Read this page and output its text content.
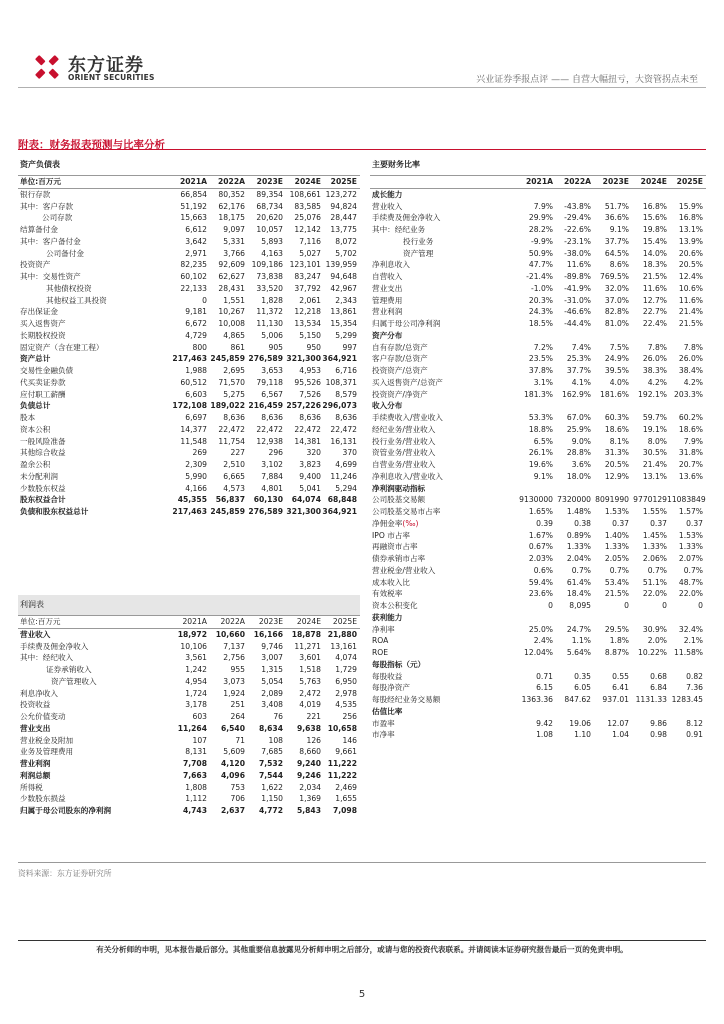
东方证券
ORIENT SECURITIES	兴业证券季报点评 —— 自营大幅扭亏，大资管拐点未至
附表：财务报表预测与比率分析
资产负债表
单位:百万元	2021A	2022A	2023E	2024E	2025E
银行存款	66,854	80,352	89,354 108,661 123,272
其中：客户存款	51,192	62,176	68,734	83,585	94,824
公司存款	15,663	18,175	20,620	25,076	28,447
结算备付金	6,612	9,097	10,057	12,142	13,775
其中：客户备付金	3,642	5,331	5,893	7,116	8,072
公司备付金	2,971	3,766	4,163	5,027	5,702
投资资产	82,235	92,609 109,186 123,101 139,959
其中：交易性资产	60,102	62,627	73,838	83,247	94,648
其他债权投资	22,133	28,431	33,520	37,792	42,967
其他权益工具投资	0	1,551	1,828	2,061	2,343
存出保证金	9,181	10,267	11,372	12,218	13,861
买入返售资产	6,672	10,008	11,130	13,534	15,354
长期股权投资	4,729	4,865	5,006	5,150	5,299
固定资产（含在建工程）	800	861	905	950	997
资产总计	217,463 245,859 276,589 321,300 364,921
交易性金融负债	1,988	2,695	3,653	4,953	6,716
代买卖证券款	60,512	71,570	79,118	95,526 108,371
应付职工薪酬	6,603	5,275	6,567	7,526	8,579
负债总计	172,108 189,022 216,459 257,226 296,073
股本	6,697	8,636	8,636	8,636	8,636
资本公积	14,377	22,472	22,472	22,472	22,472
一般风险准备	11,548	11,754	12,938	14,381	16,131
其他综合收益	269	227	296	320	370
盈余公积	2,309	2,510	3,102	3,823	4,699
未分配利润	5,990	6,665	7,884	9,400	11,246
少数股东权益	4,166	4,573	4,801	5,041	5,294
股东权益合计	45,355	56,837	60,130	64,074 68,848
负债和股东权益总计	217,463 245,859 276,589 321,300 364,921
利润表
单位:百万元	2021A	2022A	2023E	2024E	2025E
营业收入	18,972	10,660	16,166	18,878 21,880
手续费及佣金净收入	10,106	7,137	9,746	11,271	13,161
其中：经纪收入	3,561	2,756	3,007	3,601	4,074
证券承销收入	1,242	955	1,315	1,518	1,729
资产管理收入	4,954	3,073	5,054	5,763	6,950
利息净收入	1,724	1,924	2,089	2,472	2,978
投资收益	3,178	251	3,408	4,019	4,535
公允价值变动	603	264	76	221	256
营业支出	11,264	6,540	8,634	9,638 10,658
营业税金及附加	107	71	108	126	146
业务及管理费用	8,131	5,609	7,685	8,660	9,661
营业利润	7,708	4,120	7,532	9,240 11,222
利润总额	7,663	4,096	7,544	9,246 11,222
所得税	1,808	753	1,622	2,034	2,469
少数股东损益	1,112	706	1,150	1,369	1,655
归属于母公司股东的净利润	4,743	2,637	4,772	5,843	7,098
主要财务比率
2021A	2022A	2023E	2024E	2025E
成长能力
营业收入	7.9%	-43.8%	51.7%	16.8%	15.9%
手续费及佣金净收入	29.9%	-29.4%	36.6%	15.6%	16.8%
其中：经纪业务	28.2%	-22.6%	9.1%	19.8%	13.1%
投行业务	-9.9%	-23.1%	37.7%	15.4%	13.9%
资产管理	50.9%	-38.0%	64.5%	14.0%	20.6%
净利息收入	47.7%	11.6%	8.6%	18.3%	20.5%
自营收入	-21.4%	-89.8%	769.5%	21.5%	12.4%
营业支出	-1.0%	-41.9%	32.0%	11.6%	10.6%
管理费用	20.3%	-31.0%	37.0%	12.7%	11.6%
营业利润	24.3%	-46.6%	82.8%	22.7%	21.4%
归属于母公司净利润	18.5%	-44.4%	81.0%	22.4%	21.5%
资产分布
自有存款/总资产	7.2%	7.4%	7.5%	7.8%	7.8%
客户存款/总资产	23.5%	25.3%	24.9%	26.0%	26.0%
投资资产/总资产	37.8%	37.7%	39.5%	38.3%	38.4%
买入返售资产/总资产	3.1%	4.1%	4.0%	4.2%	4.2%
投资资产/净资产	181.3%	162.9%	181.6%	192.1% 203.3%
收入分布
手续费收入/营业收入	53.3%	67.0%	60.3%	59.7%	60.2%
经纪业务/营业收入	18.8%	25.9%	18.6%	19.1%	18.6%
投行业务/营业收入	6.5%	9.0%	8.1%	8.0%	7.9%
资管业务/营业收入	26.1%	28.8%	31.3%	30.5%	31.8%
自营业务/营业收入	19.6%	3.6%	20.5%	21.4%	20.7%
净利息收入/营业收入	9.1%	18.0%	12.9%	13.1%	13.6%
净利润驱动指标
公司股基交易额	9130000 7320000 8091990 9770129 11083849
公司股基交易市占率	1.65%	1.48%	1.53%	1.55%	1.57%
净佣金率(‰)	0.39	0.38	0.37	0.37	0.37
IPO 市占率	1.67%	0.89%	1.40%	1.45%	1.53%
再融资市占率	0.67%	1.33%	1.33%	1.33%	1.33%
债券承销市占率	2.03%	2.04%	2.05%	2.06%	2.07%
营业税金/营业收入	0.6%	0.7%	0.7%	0.7%	0.7%
成本收入比	59.4%	61.4%	53.4%	51.1%	48.7%
有效税率	23.6%	18.4%	21.5%	22.0%	22.0%
资本公积变化	0	8,095	0	0	0
获利能力
净利率	25.0%	24.7%	29.5%	30.9%	32.4%
ROA	2.4%	1.1%	1.8%	2.0%	2.1%
ROE	12.04%	5.64%	8.87%	10.22% 11.58%
每股指标（元）
每股收益	0.71	0.35	0.55	0.68	0.82
每股净资产	6.15	6.05	6.41	6.84	7.36
每股经纪业务交易额	1363.36	847.62	937.01 1131.33 1283.45
估值比率
市盈率	9.42	19.06	12.07	9.86	8.12
市净率	1.08	1.10	1.04	0.98	0.91
资料来源：东方证券研究所
有关分析师的申明，见本报告最后部分。其他重要信息披露见分析师申明之后部分，或请与您的投资代表联系。并请阅读本证券研究报告最后一页的免责申明。
5
